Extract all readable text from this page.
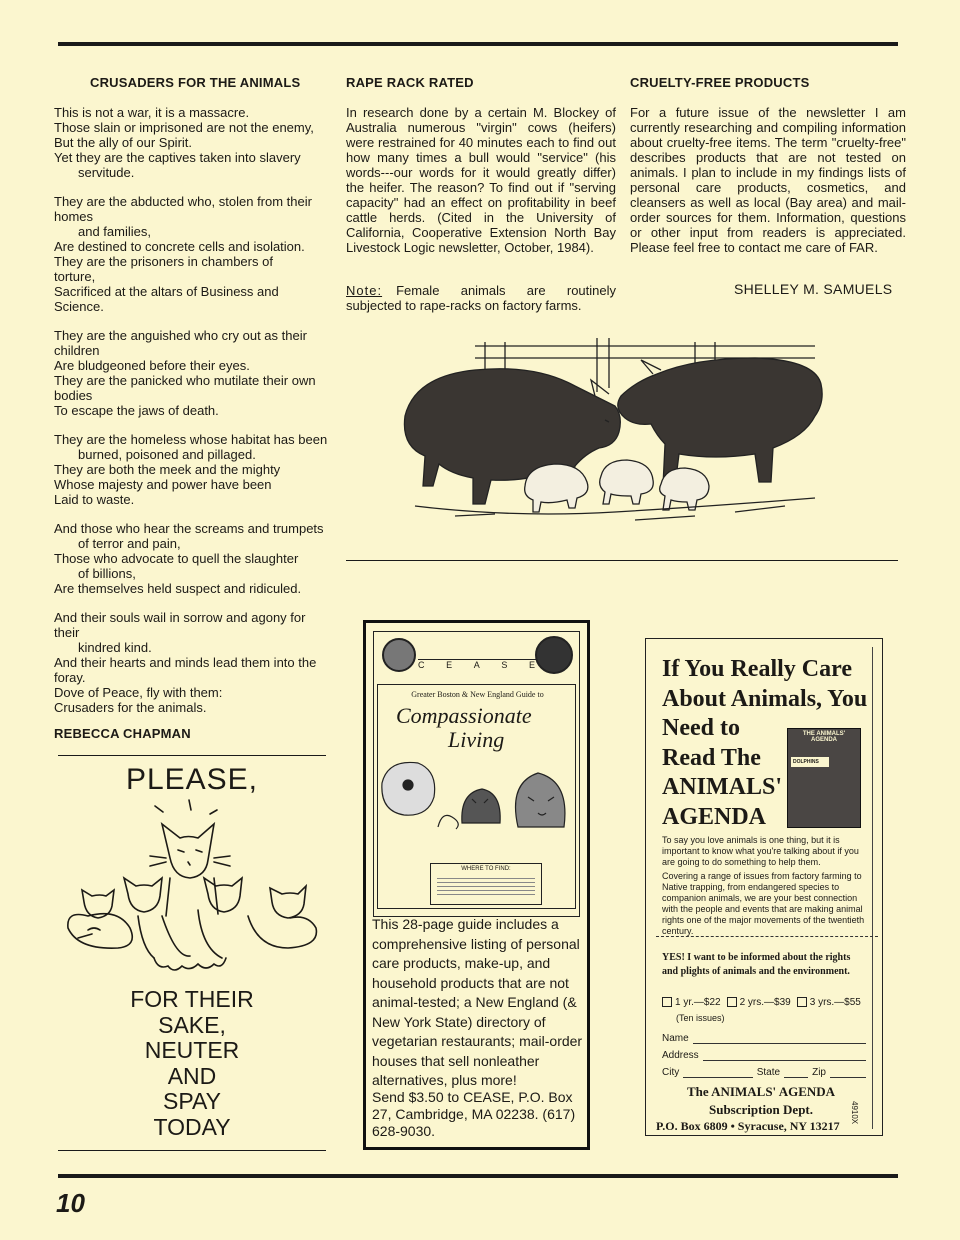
CRUSADERS FOR THE ANIMALS

This is not a war, it is a massacre.

Those slain or imprisoned are not the enemy,

But the ally of our Spirit.

Yet they are the captives taken into slavery

servitude.

They are the abducted who, stolen from their

homes

and families,

Are destined to concrete cells and isolation.

They are the prisoners in chambers of

torture,

Sacrificed at the altars of Business and

Science.

They are the anguished who cry out as their

children

Are bludgeoned before their eyes.

They are the panicked who mutilate their own

bodies

To escape the jaws of death.

They are the homeless whose habitat has been

burned, poisoned and pillaged.

They are both the meek and the mighty

Whose majesty and power have been

Laid to waste.

And those who hear the screams and trumpets

of terror and pain,

Those who advocate to quell the slaughter

of billions,

Are themselves held suspect and ridiculed.

And their souls wail in sorrow and agony for

their

kindred kind.

And their hearts and minds lead them into the

foray.

Dove of Peace, fly with them:

Crusaders for the animals.

REBECCA CHAPMAN
PLEASE,
FOR THEIR
SAKE,
NEUTER
AND
SPAY
TODAY
RAPE RACK RATED
In research done by a certain M. Blockey of Australia numerous "virgin" cows (heifers) were restrained for 40 minutes each to find out how many times a bull would "service" (his words---our words for it would greatly differ) the heifer. The reason? To find out if "serving capacity" had an effect on profitability in beef cattle herds. (Cited in the University of California, Cooperative Extension North Bay Livestock Logic newsletter, October, 1984).
Note: Female animals are routinely subjected to rape-racks on factory farms.
CRUELTY-FREE PRODUCTS
For a future issue of the newsletter I am currently researching and compiling information about cruelty-free items. The term "cruelty-free" describes products that are not tested on animals. I plan to include in my findings lists of personal care products, cosmetics, and cleansers as well as local (Bay area) and mail-order sources for them. Information, questions or other input from readers is appreciated. Please feel free to contact me care of FAR.
SHELLEY M. SAMUELS
C E A S E
Greater Boston & New England Guide to
Compassionate
Living
WHERE TO FIND:
This 28-page guide includes a comprehensive listing of personal care products, make-up, and household products that are not animal-tested; a New England (& New York State) directory of vegetarian restaurants; mail-order houses that sell nonleather alternatives, plus more!
Send $3.50 to CEASE, P.O. Box 27, Cambridge, MA 02238. (617) 628-9030.
If You Really Care
About Animals, You
Need to
Read The
ANIMALS'
AGENDA
THE ANIMALS' AGENDA
DOLPHINS
To say you love animals is one thing, but it is important to know what you're talking about if you are going to do something to help them.
Covering a range of issues from factory farming to Native trapping, from endangered species to companion animals, we are your best connection with the people and events that are making animal rights one of the major movements of the twentieth century.
YES! I want to be informed about the rights and plights of animals and the environment.
1 yr.—$22 2 yrs.—$39 3 yrs.—$55
(Ten issues)
Name
Address
City	State	Zip
The ANIMALS' AGENDA
Subscription Dept.
P.O. Box 6809 • Syracuse, NY 13217
4910X
10
